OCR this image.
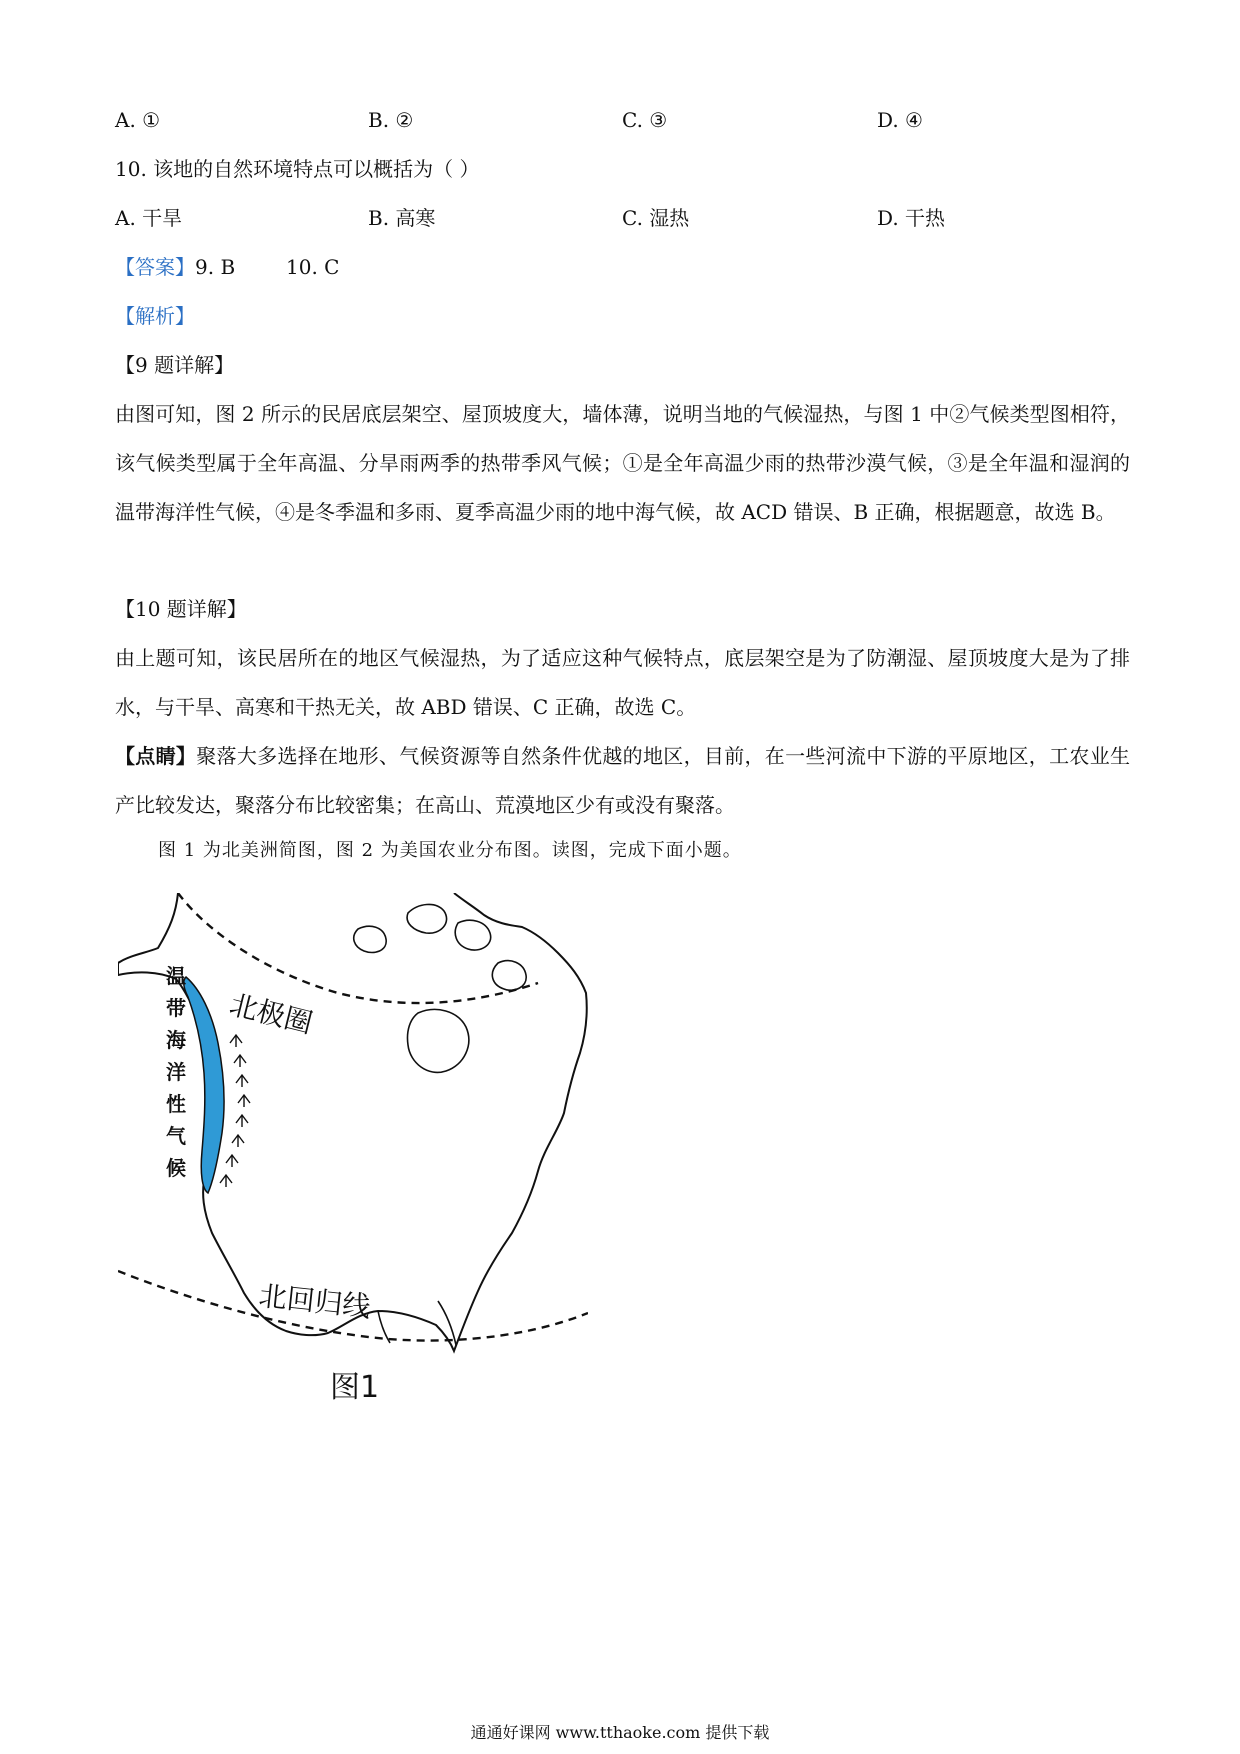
A. ①	B. ②	C. ③	D. ④
10. 该地的自然环境特点可以概括为（ ）
A. 干旱	B. 高寒	C. 湿热	D. 干热
【答案】9. B        10. C
【解析】
【9 题详解】
由图可知，图 2 所示的民居底层架空、屋顶坡度大，墙体薄，说明当地的气候湿热，与图 1 中②气候类型图相符，该气候类型属于全年高温、分旱雨两季的热带季风气候；①是全年高温少雨的热带沙漠气候，③是全年温和湿润的温带海洋性气候，④是冬季温和多雨、夏季高温少雨的地中海气候，故 ACD 错误、B 正确，根据题意，故选 B。
【10 题详解】
由上题可知，该民居所在的地区气候湿热，为了适应这种气候特点，底层架空是为了防潮湿、屋顶坡度大是为了排水，与干旱、高寒和干热无关，故 ABD 错误、C 正确，故选 C。
【点睛】聚落大多选择在地形、气候资源等自然条件优越的地区，目前，在一些河流中下游的平原地区，工农业生产比较发达，聚落分布比较密集；在高山、荒漠地区少有或没有聚落。
图 1 为北美洲简图，图 2 为美国农业分布图。读图，完成下面小题。
北极圈
北回归线
温
带
海
洋
性
气
候
图1
通通好课网 www.tthaoke.com 提供下载
